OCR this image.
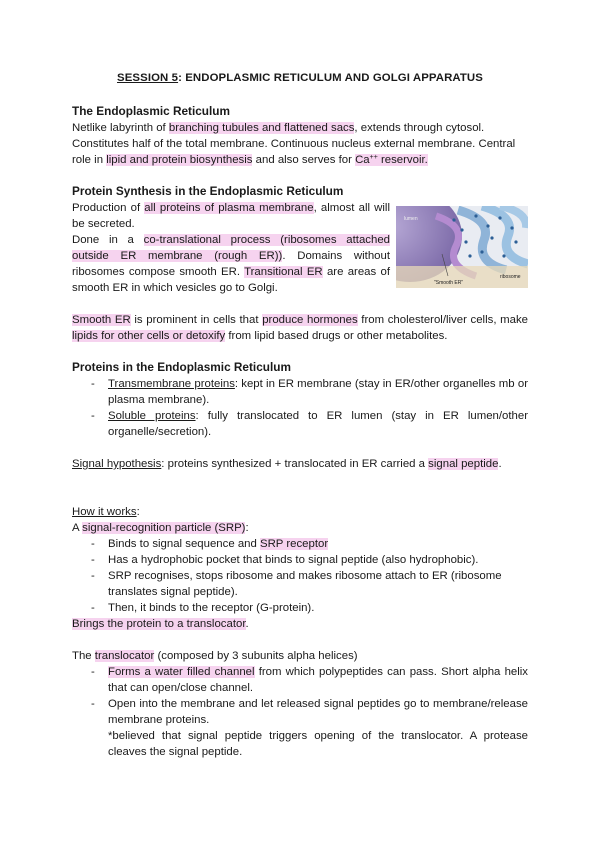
SESSION 5: ENDOPLASMIC RETICULUM AND GOLGI APPARATUS
The Endoplasmic Reticulum
Netlike labyrinth of branching tubules and flattened sacs, extends through cytosol. Constitutes half of the total membrane. Continuous nucleus external membrane. Central role in lipid and protein biosynthesis and also serves for Ca++ reservoir.
Protein Synthesis in the Endoplasmic Reticulum
Production of all proteins of plasma membrane, almost all will be secreted.
Done in a co-translational process (ribosomes attached outside ER membrane (rough ER)). Domains without ribosomes compose smooth ER. Transitional ER are areas of smooth ER in which vesicles go to Golgi.	"Smooth ER"
ribosome
lumen
Smooth ER is prominent in cells that produce hormones from cholesterol/liver cells, make lipids for other cells or detoxify from lipid based drugs or other metabolites.
Proteins in the Endoplasmic Reticulum
- Transmembrane proteins: kept in ER membrane (stay in ER/other organelles mb or plasma membrane).
- Soluble proteins: fully translocated to ER lumen (stay in ER lumen/other organelle/secretion).
Signal hypothesis: proteins synthesized + translocated in ER carried a signal peptide.
How it works:
A signal-recognition particle (SRP):
- Binds to signal sequence and SRP receptor
- Has a hydrophobic pocket that binds to signal peptide (also hydrophobic).
- SRP recognises, stops ribosome and makes ribosome attach to ER (ribosome translates signal peptide).
- Then, it binds to the receptor (G-protein).
Brings the protein to a translocator.
The translocator (composed by 3 subunits alpha helices)
- Forms a water filled channel from which polypeptides can pass. Short alpha helix that can open/close channel.
- Open into the membrane and let released signal peptides go to membrane/release membrane proteins.
*believed that signal peptide triggers opening of the translocator. A protease cleaves the signal peptide.
